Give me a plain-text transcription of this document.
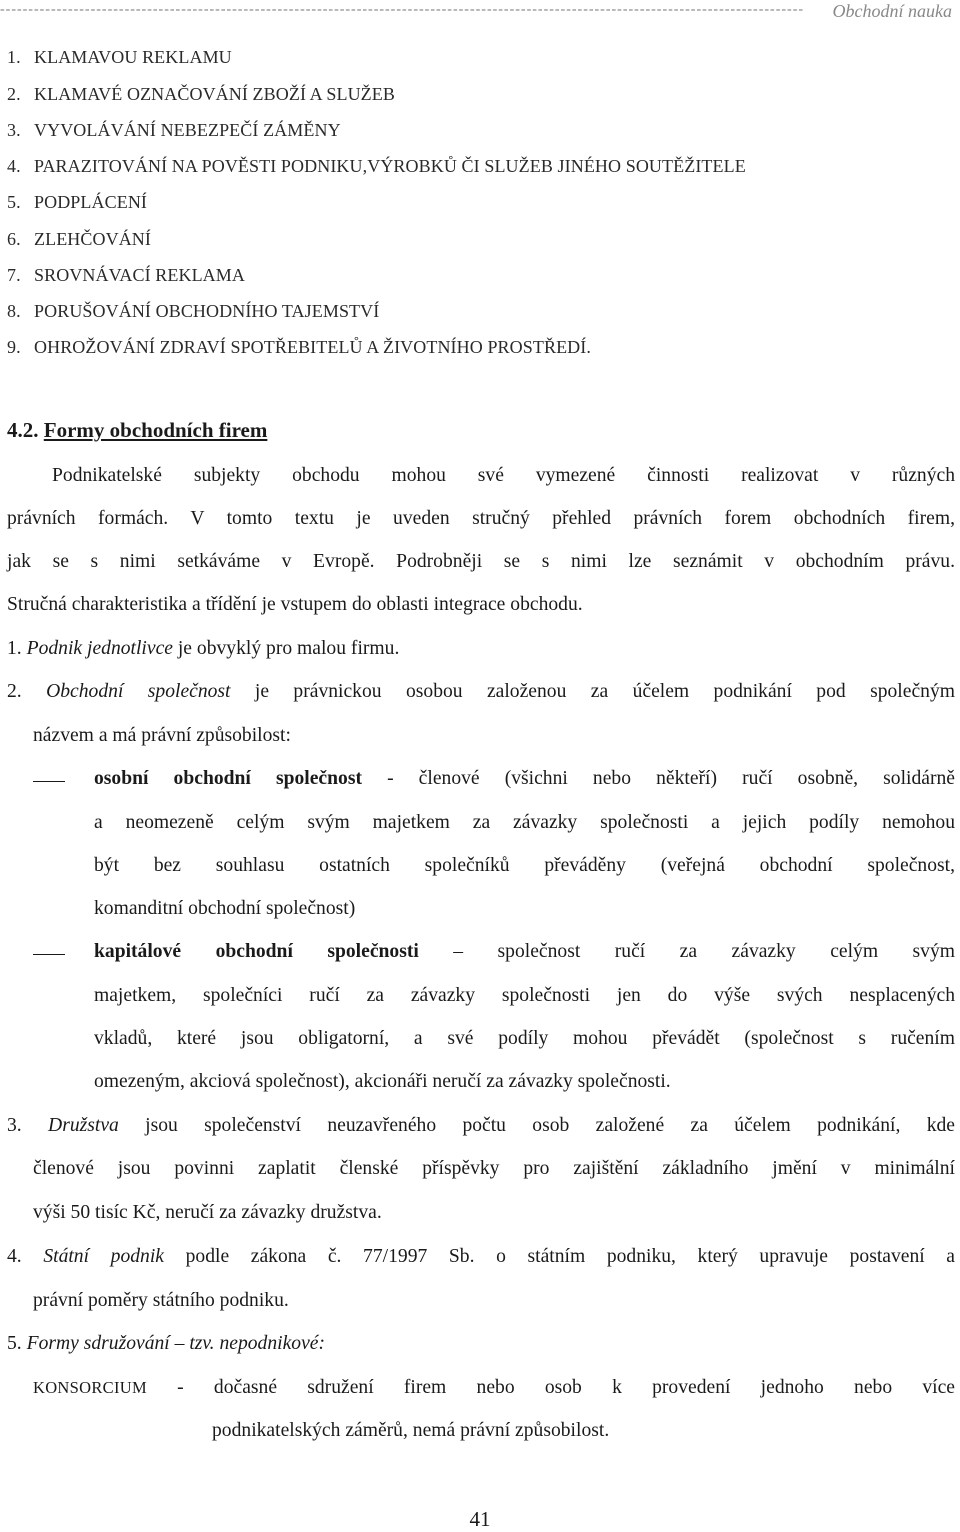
----------------------------------------------------------------------------------------------------------------------------------------------	Obchodní nauka
1. KLAMAVOU REKLAMU
2. KLAMAVÉ OZNAČOVÁNÍ ZBOŽÍ A SLUŽEB
3. VYVOLÁVÁNÍ NEBEZPEČÍ ZÁMĚNY
4. PARAZITOVÁNÍ NA POVĚSTI PODNIKU,VÝROBKŮ ČI SLUŽEB JINÉHO SOUTĚŽITELE
5. PODPLÁCENÍ
6. ZLEHČOVÁNÍ
7. SROVNÁVACÍ REKLAMA
8. PORUŠOVÁNÍ OBCHODNÍHO TAJEMSTVÍ
9. OHROŽOVÁNÍ ZDRAVÍ SPOTŘEBITELŮ A ŽIVOTNÍHO PROSTŘEDÍ.
4.2. Formy obchodních firem
Podnikatelské subjekty obchodu mohou své vymezené činnosti realizovat v různých
právních formách. V tomto textu je uveden stručný přehled právních forem obchodních firem,
jak se s nimi setkáváme v Evropě. Podrobněji se s nimi lze seznámit v obchodním právu.
Stručná charakteristika a třídění je vstupem do oblasti integrace obchodu.
1. Podnik jednotlivce je obvyklý pro malou firmu.
2. Obchodní společnost je právnickou osobou založenou za účelem podnikání pod společným
názvem a má právní způsobilost:
osobní obchodní společnost - členové (všichni nebo někteří) ručí osobně, solidárně
a neomezeně celým svým majetkem za závazky společnosti a jejich podíly nemohou
být bez souhlasu ostatních společníků převáděny (veřejná obchodní společnost,
komanditní obchodní společnost)
kapitálové obchodní společnosti – společnost ručí za závazky celým svým
majetkem, společníci ručí za závazky společnosti jen do výše svých nesplacených
vkladů, které jsou obligatorní, a své podíly mohou převádět (společnost s ručením
omezeným, akciová společnost), akcionáři neručí za závazky společnosti.
3. Družstva jsou společenství neuzavřeného počtu osob založené za účelem podnikání, kde
členové jsou povinni zaplatit členské příspěvky pro zajištění základního jmění v minimální
výši 50 tisíc Kč, neručí za závazky družstva.
4. Státní podnik podle zákona č. 77/1997 Sb. o státním podniku, který upravuje postavení a
právní poměry státního podniku.
5. Formy sdružování – tzv. nepodnikové:
KONSORCIUM - dočasné sdružení firem nebo osob k provedení jednoho nebo více
podnikatelských záměrů, nemá právní způsobilost.
41
